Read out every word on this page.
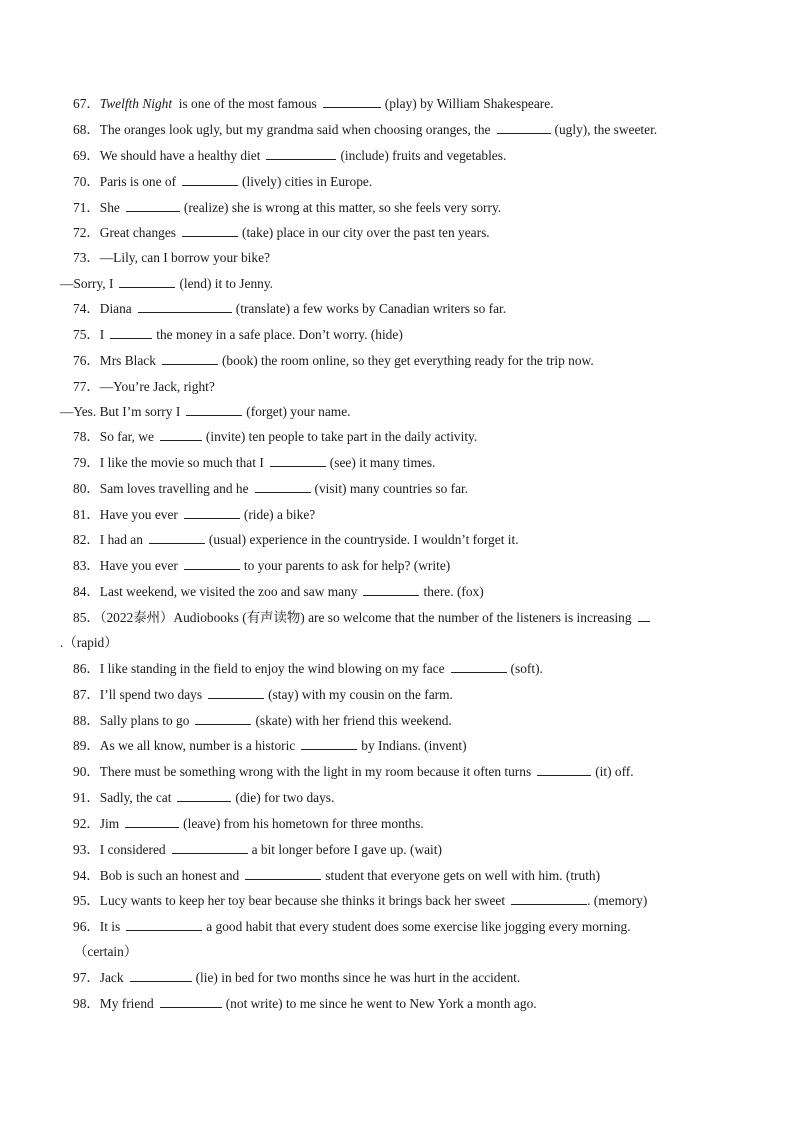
67．Twelfth Night  is one of the most famous	(play) by William Shakespeare.
68．The oranges look ugly, but my grandma said when choosing oranges, the	(ugly), the sweeter.
69．We should have a healthy diet	(include) fruits and vegetables.
70．Paris is one of	(lively) cities in Europe.
71．She	(realize) she is wrong at this matter, so she feels very sorry.
72．Great changes	(take) place in our city over the past ten years.
73．—Lily, can I borrow your bike?
—Sorry, I	(lend) it to Jenny.
74．Diana	(translate) a few works by Canadian writers so far.
75．I	the money in a safe place. Don’t worry. (hide)
76．Mrs Black	(book) the room online, so they get everything ready for the trip now.
77．—You’re Jack, right?
—Yes. But I’m sorry I	(forget) your name.
78．So far, we	(invite) ten people to take part in the daily activity.
79．I like the movie so much that I	(see) it many times.
80．Sam loves travelling and he	(visit) many countries so far.
81．Have you ever	(ride) a bike?
82．I had an	(usual) experience in the countryside. I wouldn’t forget it.
83．Have you ever	to your parents to ask for help? (write)
84．Last weekend, we visited the zoo and saw many	there. (fox)
85．（2022泰州）Audiobooks (有声读物) are so welcome that the number of the listeners is increasing
.（rapid）
86．I like standing in the field to enjoy the wind blowing on my face	(soft).
87．I’ll spend two days	(stay) with my cousin on the farm.
88．Sally plans to go	(skate) with her friend this weekend.
89．As we all know, number is a historic	by Indians. (invent)
90．There must be something wrong with the light in my room because it often turns	(it) off.
91．Sadly, the cat	(die) for two days.
92．Jim	(leave) from his hometown for three months.
93．I considered	a bit longer before I gave up. (wait)
94．Bob is such an honest and	student that everyone gets on well with him. (truth)
95．Lucy wants to keep her toy bear because she thinks it brings back her sweet	. (memory)
96．It is	a good habit that every student does some exercise like jogging every morning.
（certain）
97．Jack	(lie) in bed for two months since he was hurt in the accident.
98．My friend	(not write) to me since he went to New York a month ago.
